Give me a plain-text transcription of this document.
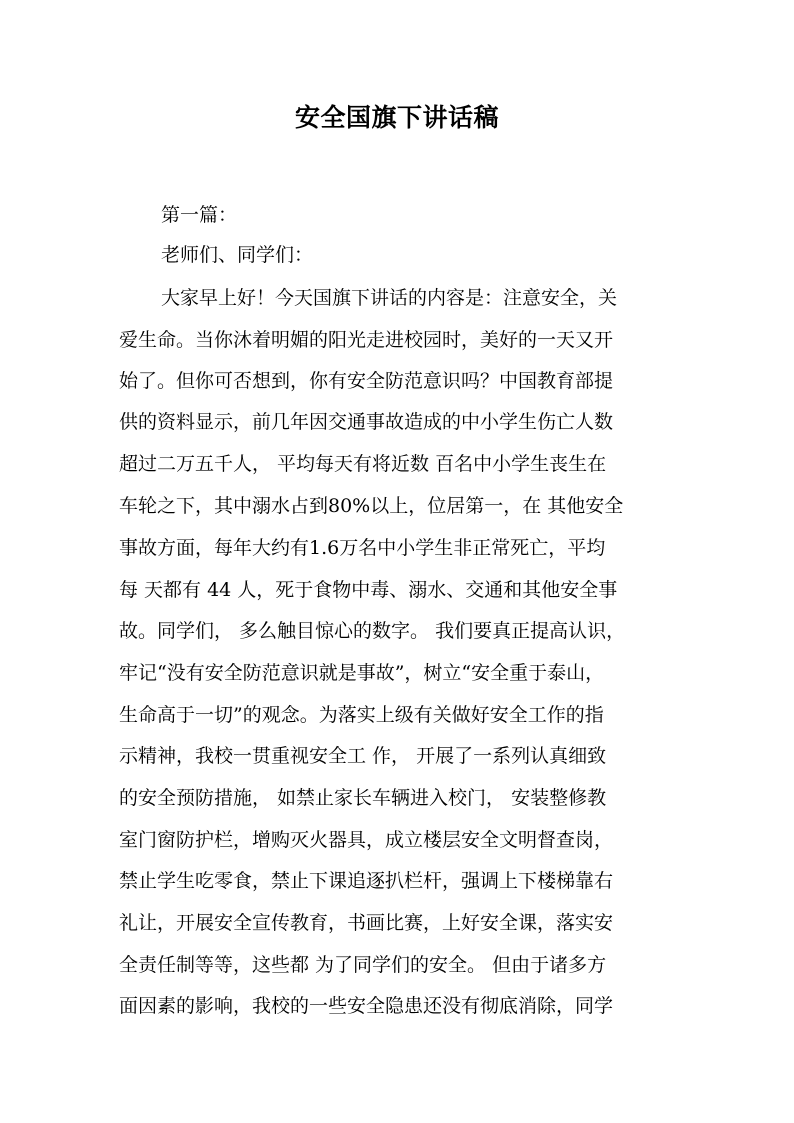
安全国旗下讲话稿
第一篇：
老师们、同学们：
大家早上好！今天国旗下讲话的内容是：注意安全，关
爱生命。当你沐着明媚的阳光走进校园时，美好的一天又开
始了。但你可否想到，你有安全防范意识吗？中国教育部提
供的资料显示，前几年因交通事故造成的中小学生伤亡人数
超过二万五千人， 平均每天有将近数 百名中小学生丧生在
车轮之下，其中溺水占到80%以上，位居第一，在 其他安全
事故方面，每年大约有1.6万名中小学生非正常死亡，平均
每 天都有 44 人，死于食物中毒、溺水、交通和其他安全事
故。同学们， 多么触目惊心的数字。 我们要真正提高认识，
牢记“没有安全防范意识就是事故”，树立“安全重于泰山，
生命高于一切”的观念。为落实上级有关做好安全工作的指
示精神，我校一贯重视安全工 作， 开展了一系列认真细致
的安全预防措施， 如禁止家长车辆进入校门， 安装整修教
室门窗防护栏，增购灭火器具，成立楼层安全文明督查岗，
禁止学生吃零食，禁止下课追逐扒栏杆，强调上下楼梯靠右
礼让，开展安全宣传教育，书画比赛，上好安全课，落实安
全责任制等等，这些都 为了同学们的安全。 但由于诸多方
面因素的影响，我校的一些安全隐患还没有彻底消除，同学
